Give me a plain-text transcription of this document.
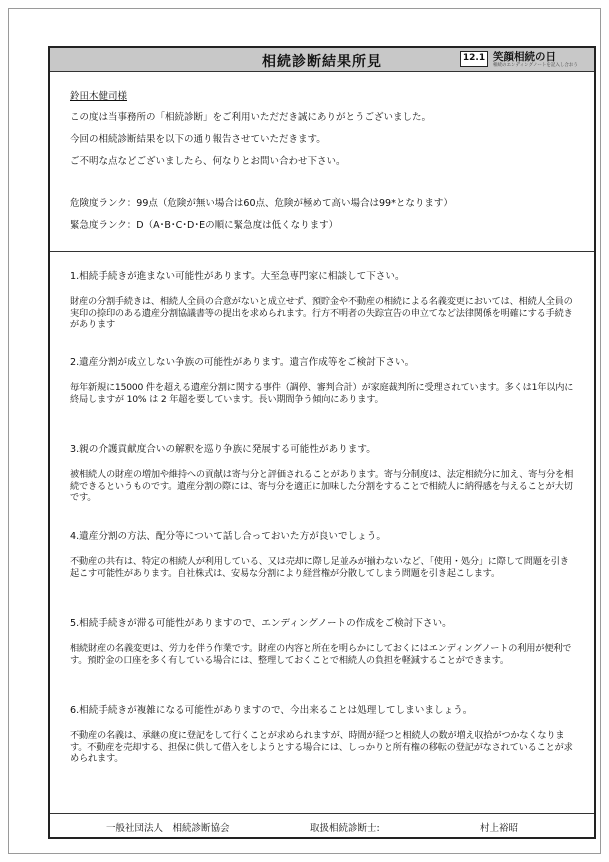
相続診断結果所見	12.1 笑顔相続の日
相続のエンディングノートを記入し合おう
鈴田木健司様
この度は当事務所の「相続診断」をご利用いただだき誠にありがとうございました。
今回の相続診断結果を以下の通り報告させていただきます。
ご不明な点などございましたら、何なりとお問い合わせ下さい。
危険度ランク：99点（危険が無い場合は60点、危険が極めて高い場合は99*となります）
緊急度ランク：D（A･B･C･D･Eの順に緊急度は低くなります）
1.相続手続きが進まない可能性があります。大至急専門家に相談して下さい。
財産の分割手続きは、相続人全員の合意がないと成立せず、預貯金や不動産の相続による名義変更においては、相続人全員の実印の捺印のある遺産分割協議書等の提出を求められます。行方不明者の失踪宣告の申立てなど法律関係を明確にする手続きがあります
2.遺産分割が成立しない争族の可能性があります。遺言作成等をご検討下さい。
毎年新規に15000 件を超える遺産分割に関する事件（調停、審判合計）が家庭裁判所に受理されています。多くは1年以内に終局しますが 10% は 2 年超を要しています。長い期間争う傾向にあります。
3.親の介護貢献度合いの解釈を巡り争族に発展する可能性があります。
被相続人の財産の増加や維持への貢献は寄与分と評価されることがあります。寄与分制度は、法定相続分に加え、寄与分を相続できるというものです。遺産分割の際には、寄与分を適正に加味した分割をすることで相続人に納得感を与えることが大切です。
4.遺産分割の方法、配分等について話し合っておいた方が良いでしょう。
不動産の共有は、特定の相続人が利用している、又は売却に際し足並みが揃わないなど、「使用・処分」に際して問題を引き起こす可能性があります。自社株式は、安易な分割により経営権が分散してしまう問題を引き起こします。
5.相続手続きが滞る可能性がありますので、エンディングノートの作成をご検討下さい。
相続財産の名義変更は、労力を伴う作業です。財産の内容と所在を明らかにしておくにはエンディングノートの利用が便利です。預貯金の口座を多く有している場合には、整理しておくことで相続人の負担を軽減することができます。
6.相続手続きが複雑になる可能性がありますので、今出来ることは処理してしまいましょう。
不動産の名義は、承継の度に登記をして行くことが求められますが、時間が経つと相続人の数が増え収拾がつかなくなります。不動産を売却する、担保に供して借入をしようとする場合には、しっかりと所有権の移転の登記がなされていることが求められます。
一般社団法人　相続診断協会	取扱相続診断士:	村上裕昭
